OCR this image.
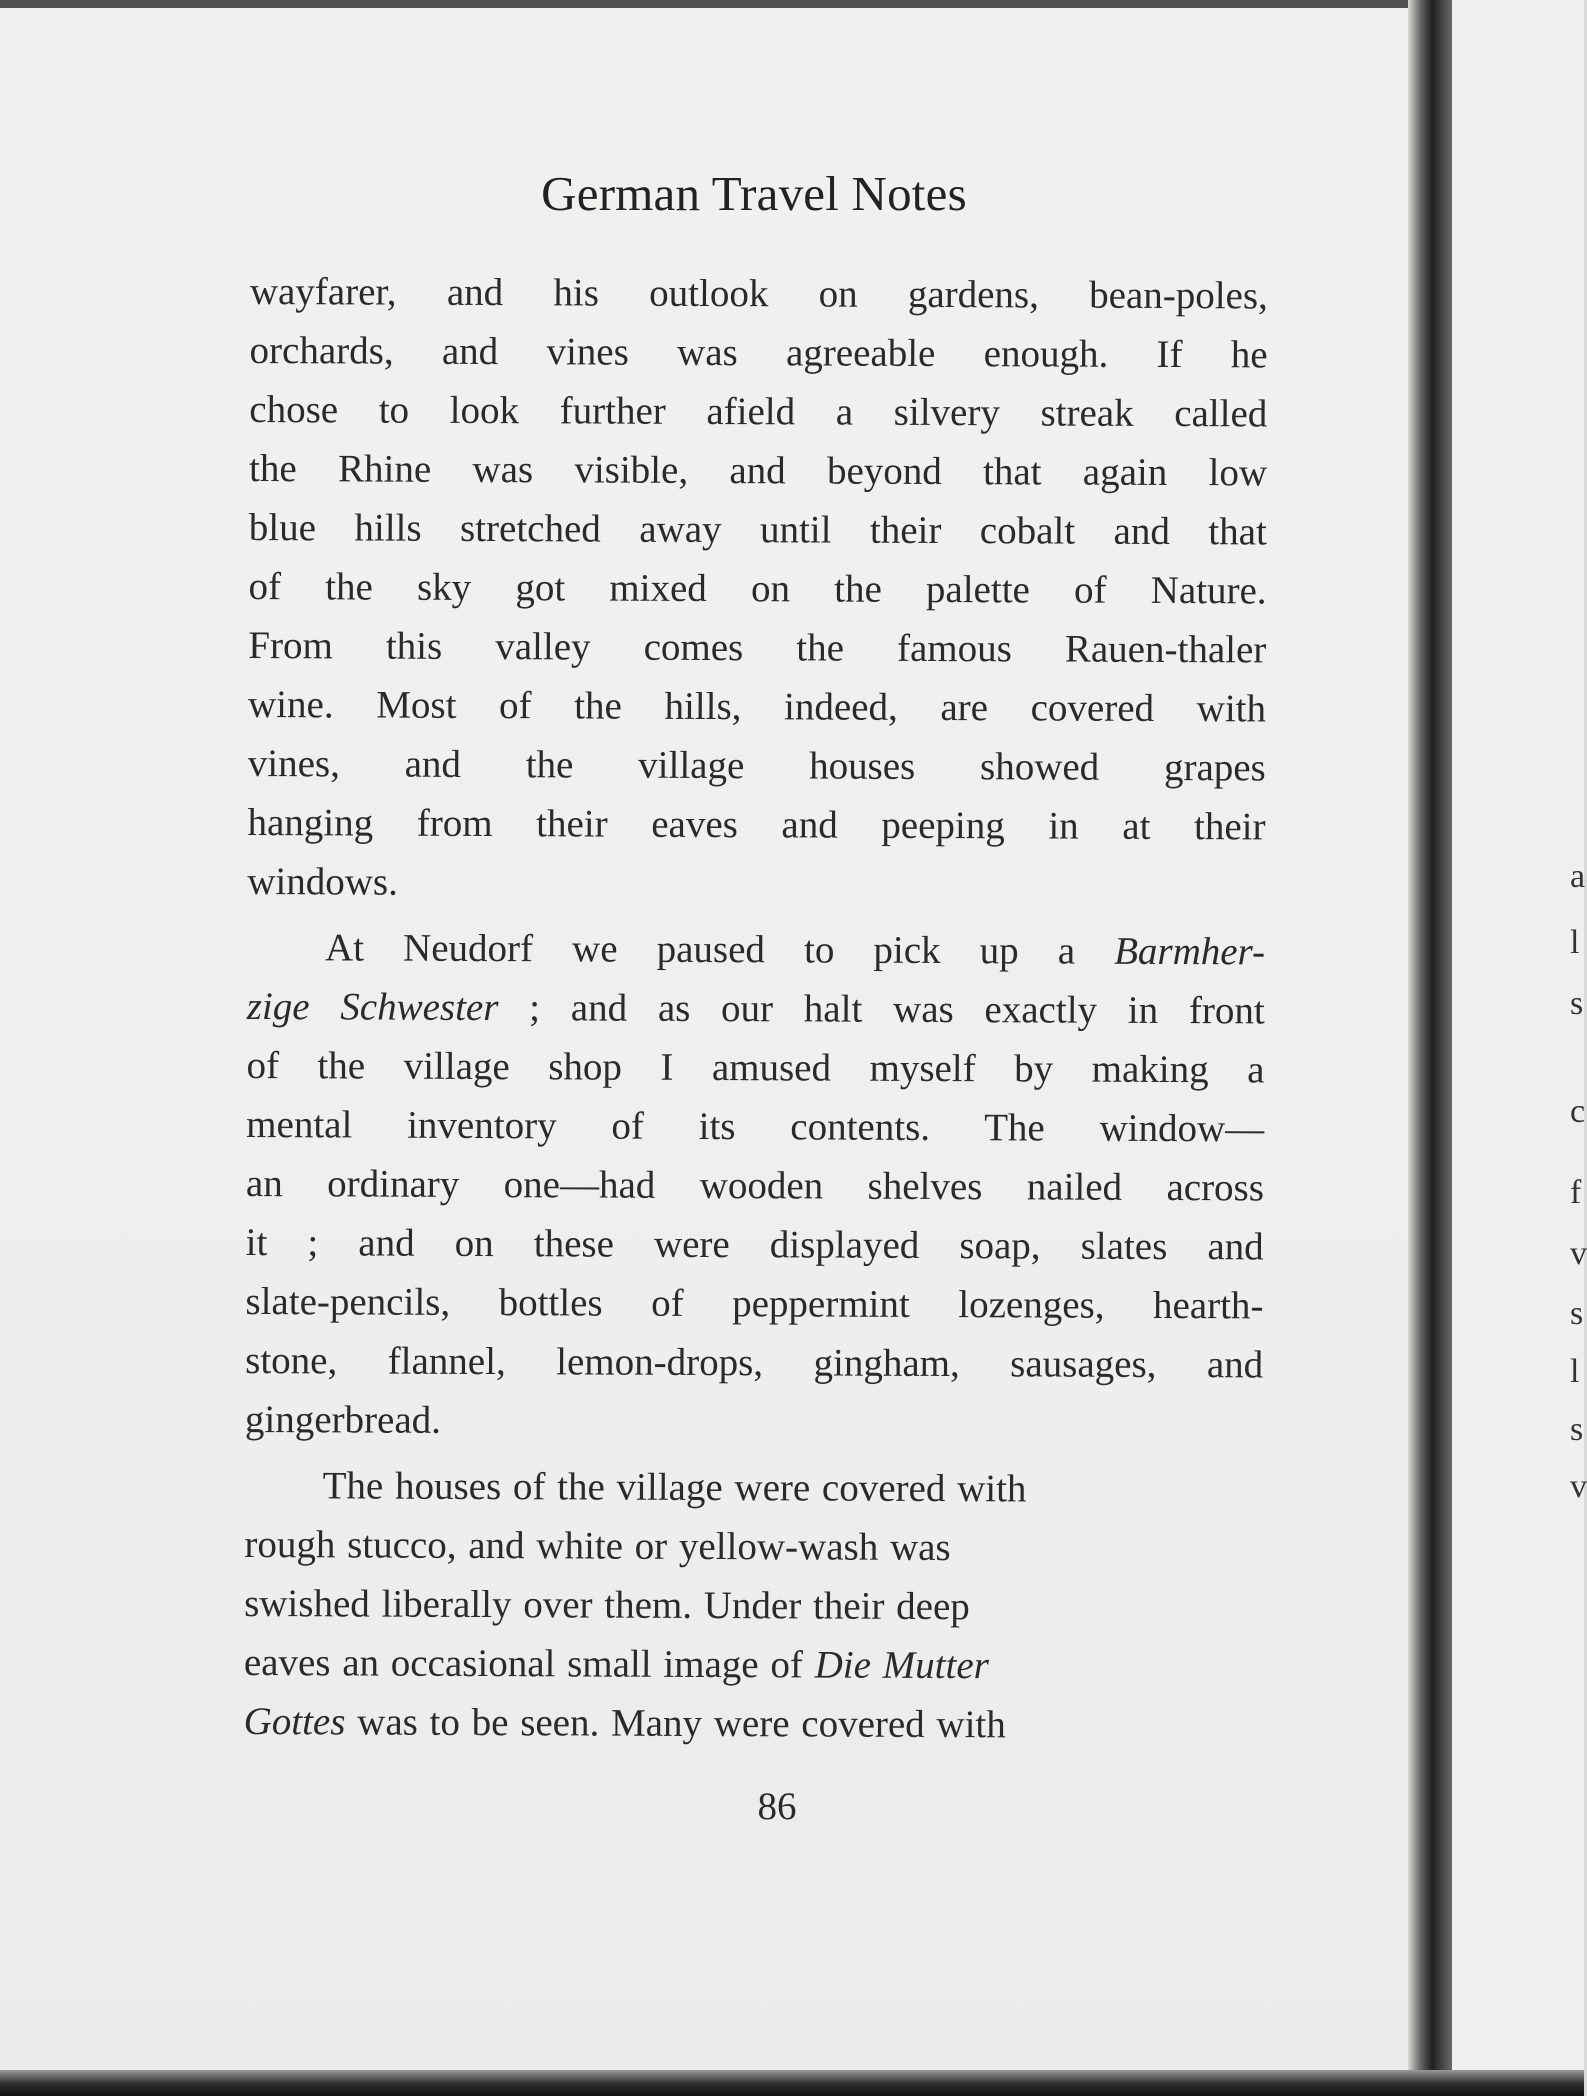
German Travel Notes

wayfarer, and his outlook on gardens, bean-poles,
orchards, and vines was agreeable enough. If he
chose to look further afield a silvery streak called
the Rhine was visible, and beyond that again low
blue hills stretched away until their cobalt and that
of the sky got mixed on the palette of Nature.
From this valley comes the famous Rauen-thaler
wine. Most of the hills, indeed, are covered with
vines, and the village houses showed grapes
hanging from their eaves and peeping in at their
windows.

At Neudorf we paused to pick up a Barmher-
zige Schwester ; and as our halt was exactly in front
of the village shop I amused myself by making a
mental inventory of its contents. The window—
an ordinary one—had wooden shelves nailed across
it ; and on these were displayed soap, slates and
slate-pencils, bottles of peppermint lozenges, hearth-
stone, flannel, lemon-drops, gingham, sausages, and
gingerbread.

The houses of the village were covered with
rough stucco, and white or yellow-wash was
swished liberally over them. Under their deep
eaves an occasional small image of Die Mutter
Gottes was to be seen. Many were covered with

86
a
l
s
c
f
v
s
l
s
v
